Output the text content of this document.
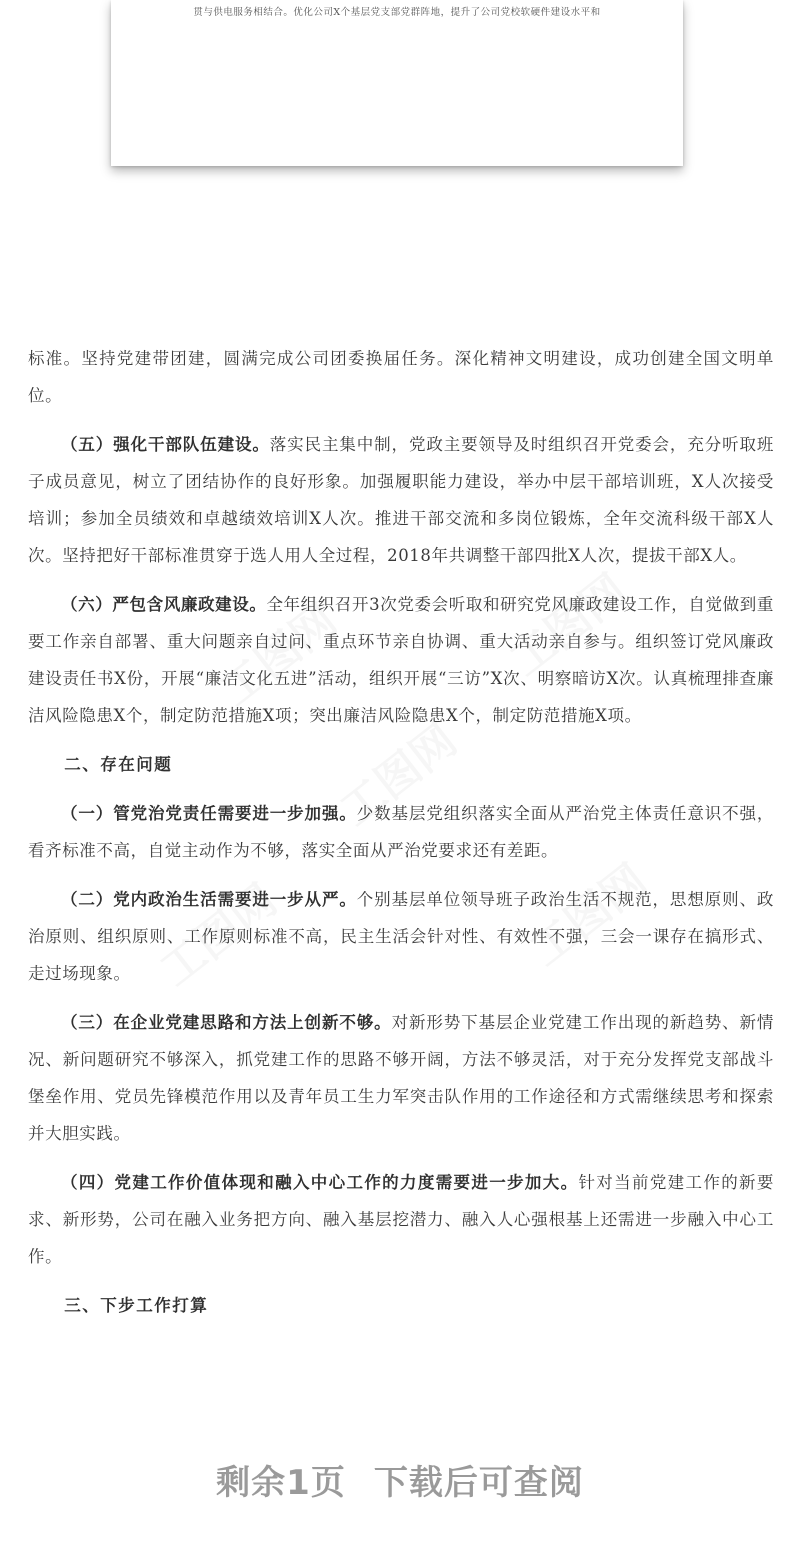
贯与供电服务相结合。优化公司X个基层党支部党群阵地，提升了公司党校软硬件建设水平和

标准。坚持党建带团建，圆满完成公司团委换届任务。深化精神文明建设，成功创建全国文明单位。

（五）强化干部队伍建设。落实民主集中制，党政主要领导及时组织召开党委会，充分听取班子成员意见，树立了团结协作的良好形象。加强履职能力建设，举办中层干部培训班，X人次接受培训；参加全员绩效和卓越绩效培训X人次。推进干部交流和多岗位锻炼，全年交流科级干部X人次。坚持把好干部标准贯穿于选人用人全过程，2018年共调整干部四批X人次，提拔干部X人。

（六）严包含风廉政建设。全年组织召开3次党委会听取和研究党风廉政建设工作，自觉做到重要工作亲自部署、重大问题亲自过问、重点环节亲自协调、重大活动亲自参与。组织签订党风廉政建设责任书X份，开展“廉洁文化五进”活动，组织开展“三访”X次、明察暗访X次。认真梳理排查廉洁风险隐患X个，制定防范措施X项；突出廉洁风险隐患X个，制定防范措施X项。

二、存在问题

（一）管党治党责任需要进一步加强。少数基层党组织落实全面从严治党主体责任意识不强，看齐标准不高，自觉主动作为不够，落实全面从严治党要求还有差距。

（二）党内政治生活需要进一步从严。个别基层单位领导班子政治生活不规范，思想原则、政治原则、组织原则、工作原则标准不高，民主生活会针对性、有效性不强，三会一课存在搞形式、走过场现象。

（三）在企业党建思路和方法上创新不够。对新形势下基层企业党建工作出现的新趋势、新情况、新问题研究不够深入，抓党建工作的思路不够开阔，方法不够灵活，对于充分发挥党支部战斗堡垒作用、党员先锋模范作用以及青年员工生力军突击队作用的工作途径和方式需继续思考和探索并大胆实践。

（四）党建工作价值体现和融入中心工作的力度需要进一步加大。针对当前党建工作的新要求、新形势，公司在融入业务把方向、融入基层挖潜力、融入人心强根基上还需进一步融入中心工作。

三、下步工作打算
剩余1页 下载后可查阅
